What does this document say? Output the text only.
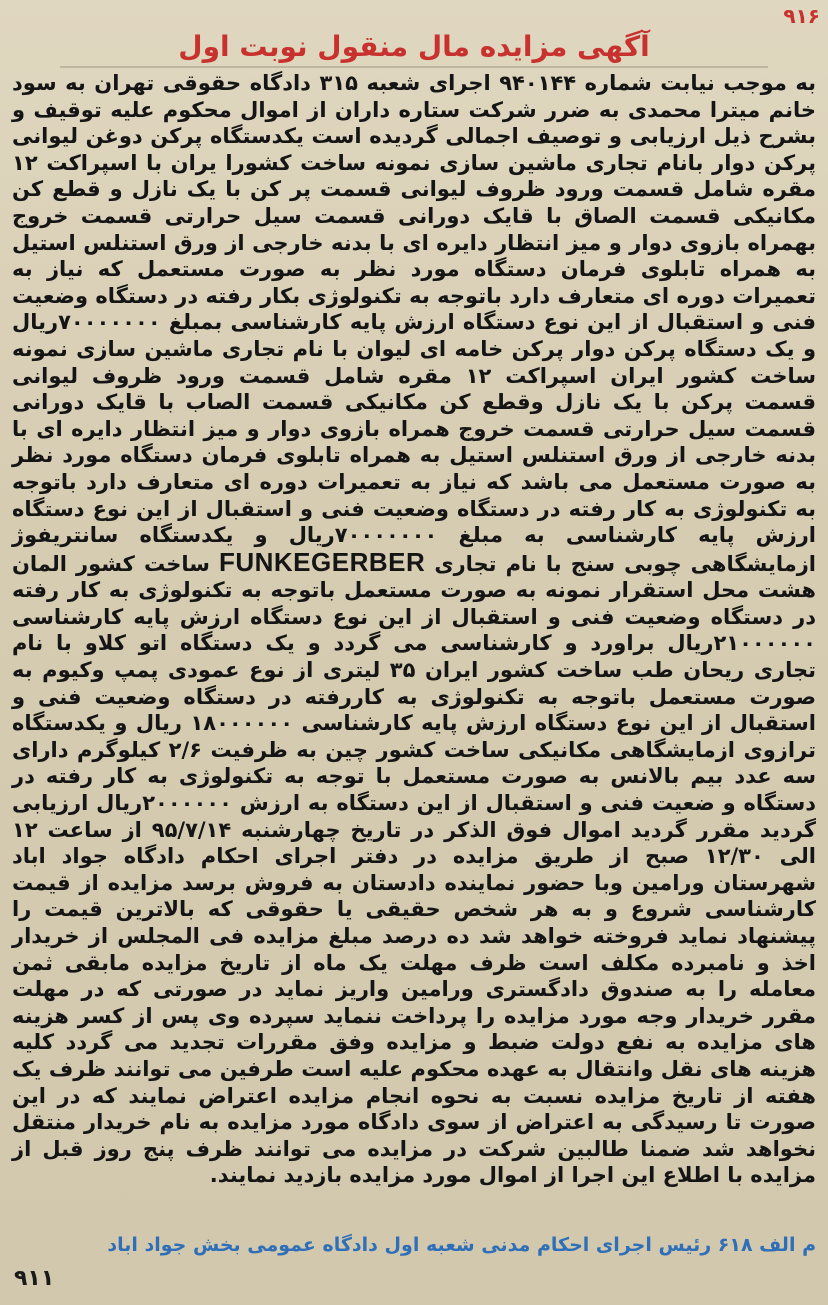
۹۱۶
آگهی مزایده مال منقول نوبت اول

به موجب نیابت شماره ۹۴۰۱۴۴ اجرای شعبه ۳۱۵ دادگاه حقوقی تهران به سود خانم میترا محمدی به ضرر شرکت ستاره داران از اموال محکوم علیه توقیف و بشرح ذیل ارزیابی و توصیف اجمالی گردیده است یکدستگاه پرکن دوغن لیوانی پرکن دوار بانام تجاری ماشین سازی نمونه ساخت کشورا یران با اسپراکت ۱۲ مقره شامل قسمت ورود ظروف لیوانی قسمت پر کن با یک نازل و قطع کن مکانیکی قسمت الصاق با قایک دورانی قسمت سیل حرارتی قسمت خروج بهمراه بازوی دوار و میز انتظار دایره ای با بدنه خارجی از ورق استنلس استیل به همراه تابلوی فرمان دستگاه مورد نظر به صورت مستعمل که نیاز به تعمیرات دوره ای متعارف دارد باتوجه به تکنولوژی بکار رفته در دستگاه وضعیت فنی و استقبال از این نوع دستگاه ارزش پایه کارشناسی بمبلغ ۷۰۰۰۰۰۰۰ریال و یک دستگاه پرکن دوار پرکن خامه ای لیوان با نام تجاری ماشین سازی نمونه ساخت کشور ایران اسپراکت ۱۲ مقره شامل قسمت ورود ظروف لیوانی قسمت پرکن با یک نازل وقطع کن مکانیکی قسمت الصاب با قایک دورانی قسمت سیل حرارتی قسمت خروج همراه بازوی دوار و میز انتظار دایره ای با بدنه خارجی از ورق استنلس استیل به همراه تابلوی فرمان دستگاه مورد نظر به صورت مستعمل می باشد که نیاز به تعمیرات دوره ای متعارف دارد باتوجه به تکنولوژی به کار رفته در دستگاه وضعیت فنی و استقبال از این نوع دستگاه ارزش پایه کارشناسی به مبلغ ۷۰۰۰۰۰۰۰ریال و یکدستگاه سانتریفوژ ازمایشگاهی چوبی سنج با نام تجاری FUNKEGERBER ساخت کشور المان هشت محل استقرار نمونه به صورت مستعمل باتوجه به تکنولوژی به کار رفته در دستگاه وضعیت فنی و استقبال از این نوع دستگاه ارزش پایه کارشناسی ۲۱۰۰۰۰۰۰ریال براورد و کارشناسی می گردد و یک دستگاه اتو کلاو با نام تجاری ریحان طب ساخت کشور ایران ۳۵ لیتری از نوع عمودی پمپ وکیوم به صورت مستعمل باتوجه به تکنولوژی به کاررفته در دستگاه وضعیت فنی و استقبال از این نوع دستگاه ارزش پایه کارشناسی ۱۸۰۰۰۰۰۰ ریال و یکدستگاه ترازوی ازمایشگاهی مکانیکی ساخت کشور چین به ظرفیت ۲/۶ کیلوگرم دارای سه عدد بیم بالانس به صورت مستعمل با توجه به تکنولوژی به کار رفته در دستگاه و ضعیت فنی و استقبال از این دستگاه به ارزش ۲۰۰۰۰۰۰ریال ارزیابی گردید مقرر گردید اموال فوق الذکر در تاریخ چهارشنبه ۹۵/۷/۱۴ از ساعت ۱۲ الی ۱۲/۳۰ صبح از طریق مزایده در دفتر اجرای احکام دادگاه جواد اباد شهرستان ورامین وبا حضور نماینده دادستان به فروش برسد مزایده از قیمت کارشناسی شروع و به هر شخص حقیقی یا حقوقی که بالاترین قیمت را پیشنهاد نماید فروخته خواهد شد ده درصد مبلغ مزایده فی المجلس از خریدار اخذ و نامبرده مکلف است ظرف مهلت یک ماه از تاریخ مزایده مابقی ثمن معامله را به صندوق دادگستری ورامین واریز نماید در صورتی که در مهلت مقرر خریدار وجه مورد مزایده را پرداخت ننماید سپرده وی پس از کسر هزینه های مزایده به نفع دولت ضبط و مزایده وفق مقررات تجدید می گردد کلیه هزینه های نقل وانتقال به عهده محکوم علیه است طرفین می توانند ظرف یک هفته از تاریخ مزایده نسبت به نحوه انجام مزایده اعتراض نمایند که در این صورت تا رسیدگی به اعتراض از سوی دادگاه مورد مزایده به نام خریدار منتقل نخواهد شد ضمنا طالبین شرکت در مزایده می توانند ظرف پنج روز قبل از مزایده با اطلاع این اجرا از اموال مورد مزایده بازدید نمایند.

م الف ۶۱۸ رئیس اجرای احکام مدنی شعبه اول دادگاه عمومی بخش جواد اباد
۹۱۱
